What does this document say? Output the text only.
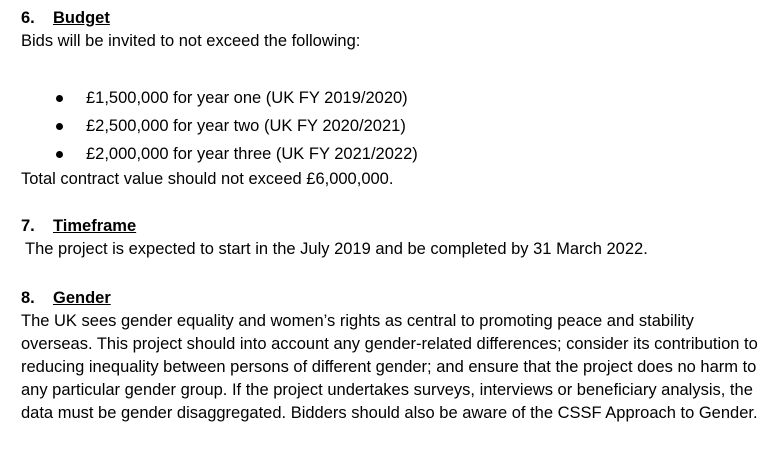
6. Budget

Bids will be invited to not exceed the following:

£1,500,000 for year one (UK FY 2019/2020)
£2,500,000 for year two (UK FY 2020/2021)
£2,000,000 for year three (UK FY 2021/2022)

Total contract value should not exceed £6,000,000.

7. Timeframe

The project is expected to start in the July 2019 and be completed by 31 March 2022.

8. Gender

The UK sees gender equality and women’s rights as central to promoting peace and stability overseas. This project should into account any gender-related differences; consider its contribution to reducing inequality between persons of different gender; and ensure that the project does no harm to any particular gender group. If the project undertakes surveys, interviews or beneficiary analysis, the data must be gender disaggregated. Bidders should also be aware of the CSSF Approach to Gender.
